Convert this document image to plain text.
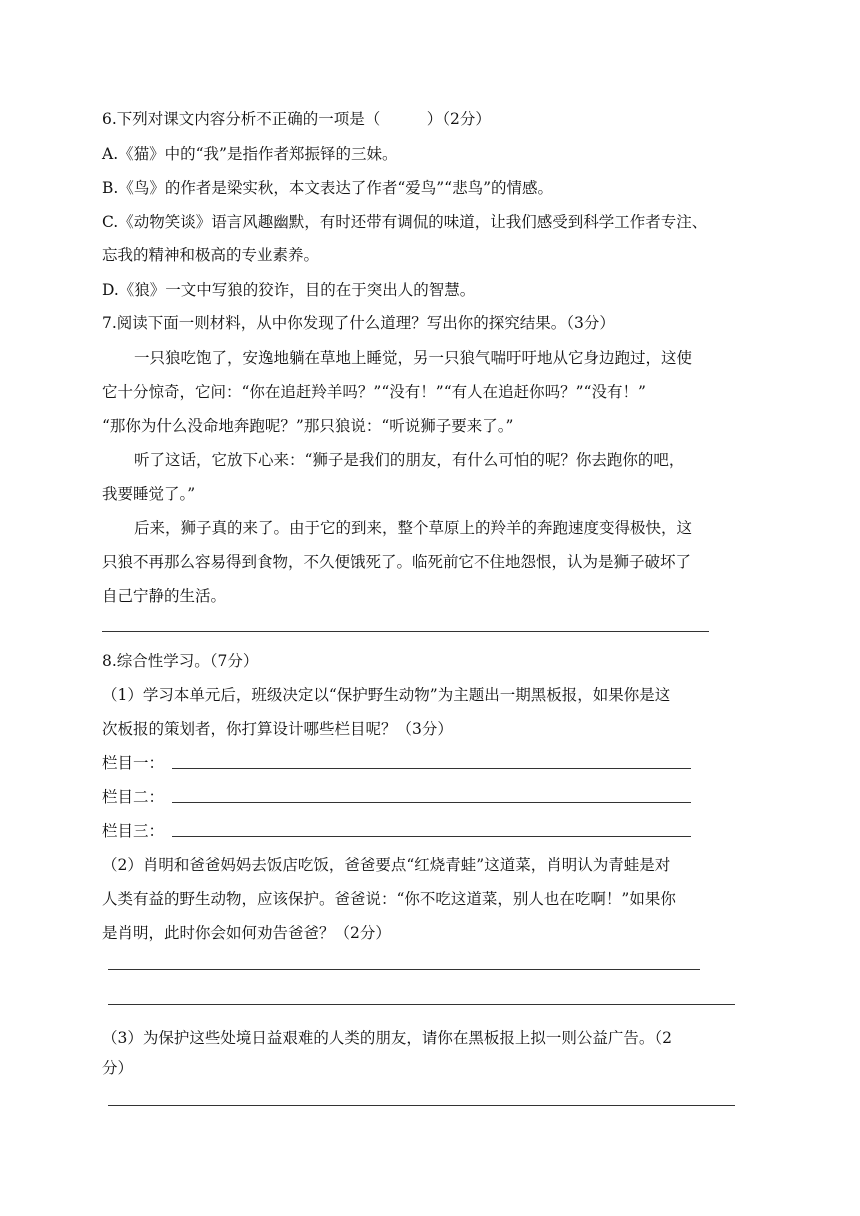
6.下列对课文内容分析不正确的一项是（　　　）（2分）
A.《猫》中的“我”是指作者郑振铎的三妹。
B.《鸟》的作者是梁实秋，本文表达了作者“爱鸟”“悲鸟”的情感。
C.《动物笑谈》语言风趣幽默，有时还带有调侃的味道，让我们感受到科学工作者专注、
忘我的精神和极高的专业素养。
D.《狼》一文中写狼的狡诈，目的在于突出人的智慧。
7.阅读下面一则材料，从中你发现了什么道理？写出你的探究结果。（3分）
一只狼吃饱了，安逸地躺在草地上睡觉，另一只狼气喘吁吁地从它身边跑过，这使
它十分惊奇，它问：“你在追赶羚羊吗？”“没有！”“有人在追赶你吗？”“没有！”
“那你为什么没命地奔跑呢？”那只狼说：“听说狮子要来了。”
听了这话，它放下心来：“狮子是我们的朋友，有什么可怕的呢？你去跑你的吧，
我要睡觉了。”
后来，狮子真的来了。由于它的到来，整个草原上的羚羊的奔跑速度变得极快，这
只狼不再那么容易得到食物，不久便饿死了。临死前它不住地怨恨，认为是狮子破坏了
自己宁静的生活。
8.综合性学习。（7分）
（1）学习本单元后，班级决定以“保护野生动物”为主题出一期黑板报，如果你是这
次板报的策划者，你打算设计哪些栏目呢？（3分）
栏目一：
栏目二：
栏目三：
（2）肖明和爸爸妈妈去饭店吃饭，爸爸要点“红烧青蛙”这道菜，肖明认为青蛙是对
人类有益的野生动物，应该保护。爸爸说：“你不吃这道菜，别人也在吃啊！”如果你
是肖明，此时你会如何劝告爸爸？（2分）
（3）为保护这些处境日益艰难的人类的朋友，请你在黑板报上拟一则公益广告。（2
分）
